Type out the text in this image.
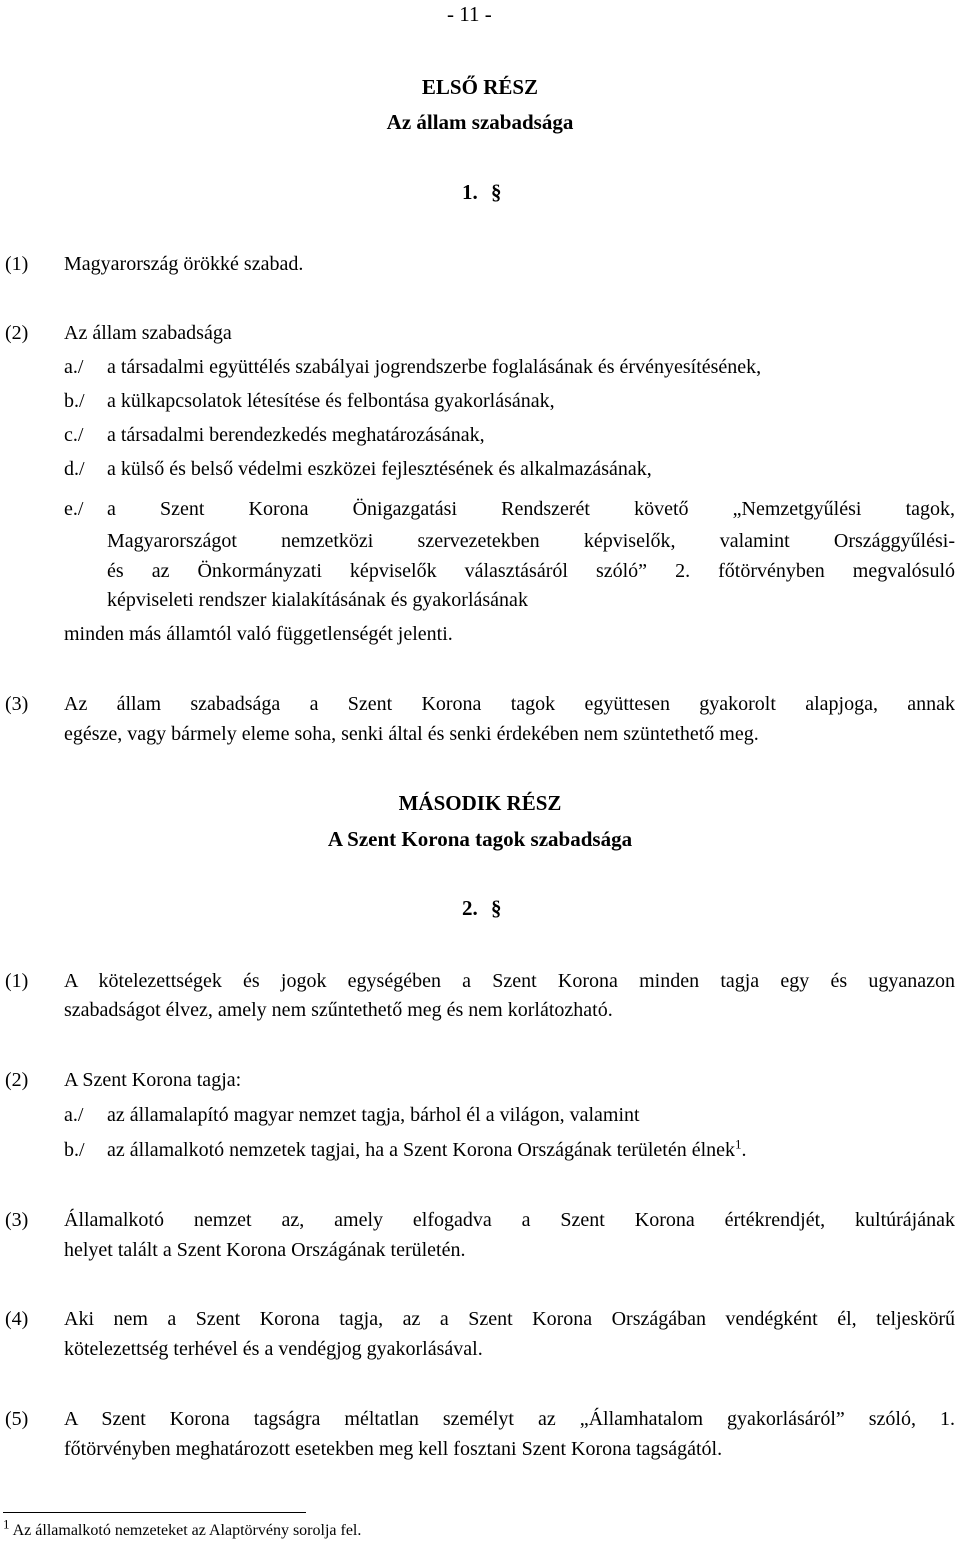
- 11 -
ELSŐ RÉSZ
Az állam szabadsága
1. §
(1) Magyarország örökké szabad.
(2) Az állam szabadsága
a./ a társadalmi együttélés szabályai jogrendszerbe foglalásának és érvényesítésének,
b./ a külkapcsolatok létesítése és felbontása gyakorlásának,
c./ a társadalmi berendezkedés meghatározásának,
d./ a külső és belső védelmi eszközei fejlesztésének és alkalmazásának,
e./ a Szent Korona Önigazgatási Rendszerét követő „Nemzetgyűlési tagok,
Magyarországot nemzetközi szervezetekben képviselők, valamint Országgyűlési-
és az Önkormányzati képviselők választásáról szóló” 2. főtörvényben megvalósuló
képviseleti rendszer kialakításának és gyakorlásának
minden más államtól való függetlenségét jelenti.
(3) Az állam szabadsága a Szent Korona tagok együttesen gyakorolt alapjoga, annak
egésze, vagy bármely eleme soha, senki által és senki érdekében nem szüntethető meg.
MÁSODIK RÉSZ
A Szent Korona tagok szabadsága
2. §
(1) A kötelezettségek és jogok egységében a Szent Korona minden tagja egy és ugyanazon
szabadságot élvez, amely nem szűntethető meg és nem korlátozható.
(2) A Szent Korona tagja:
a./ az államalapító magyar nemzet tagja, bárhol él a világon, valamint
b./ az államalkotó nemzetek tagjai, ha a Szent Korona Országának területén élnek$^1$.
(3) Államalkotó nemzet az, amely elfogadva a Szent Korona értékrendjét, kultúrájának
helyet talált a Szent Korona Országának területén.
(4) Aki nem a Szent Korona tagja, az a Szent Korona Országában vendégként él, teljeskörű
kötelezettség terhével és a vendégjog gyakorlásával.
(5) A Szent Korona tagságra méltatlan személyt az „Államhatalom gyakorlásáról” szóló, 1.
főtörvényben meghatározott esetekben meg kell fosztani Szent Korona tagságától.
$^1$ Az államalkotó nemzeteket az Alaptörvény sorolja fel.
